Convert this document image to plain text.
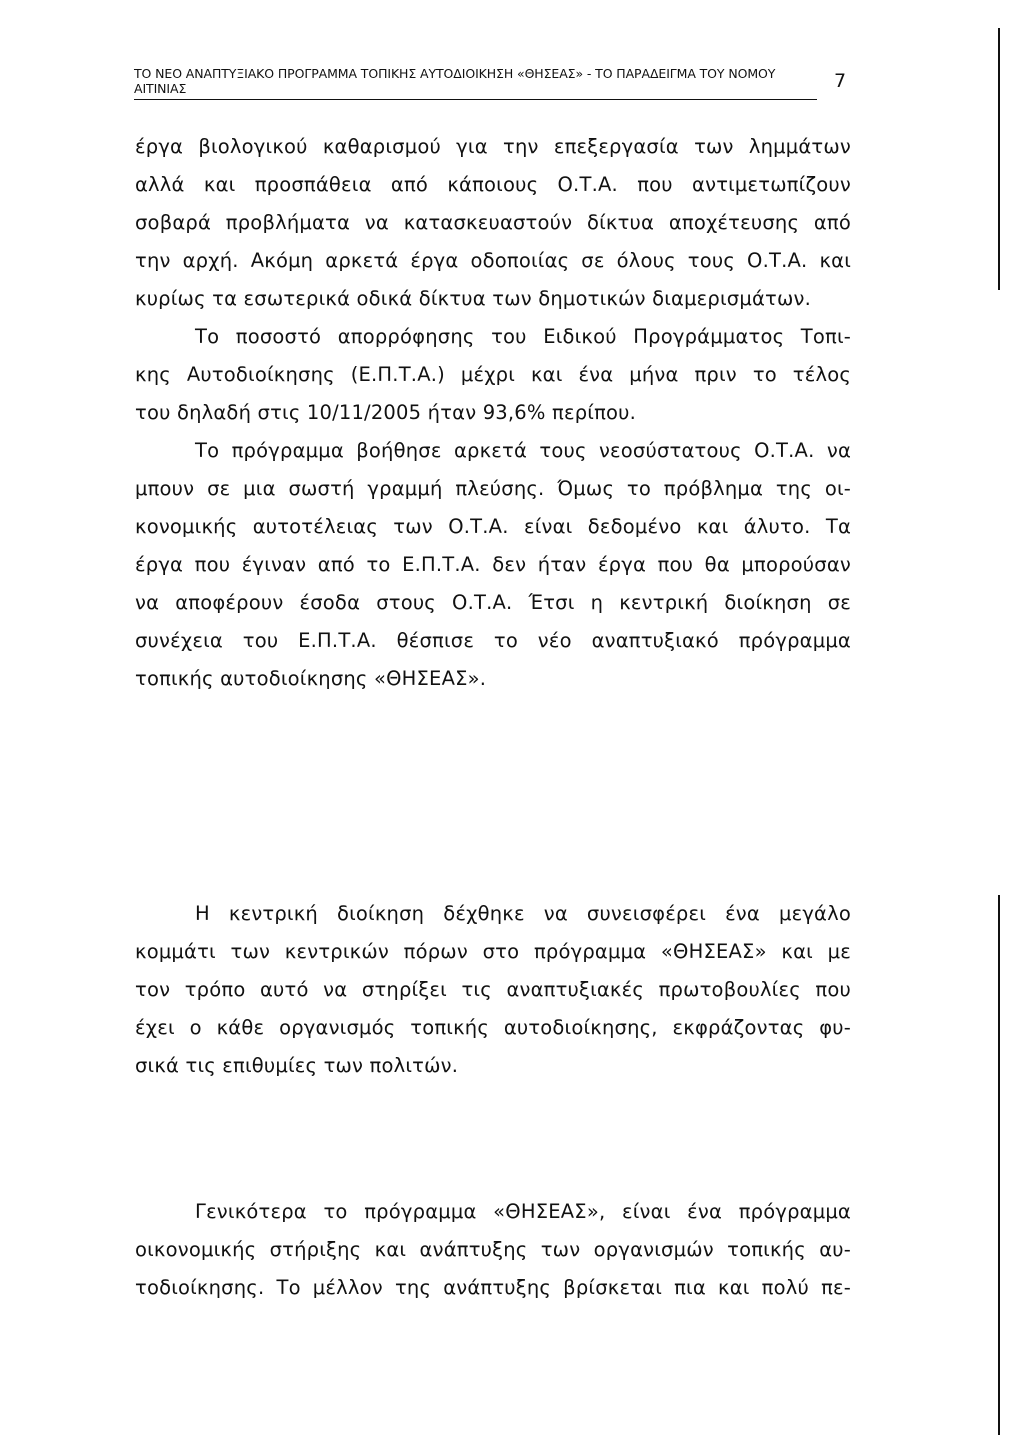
ΤΟ ΝΕΟ ΑΝΑΠΤΥΞΙΑΚΟ ΠΡΟΓΡΑΜΜΑ ΤΟΠΙΚΗΣ ΑΥΤΟΔΙΟΙΚΗΣΗ «ΘΗΣΕΑΣ» - ΤΟ ΠΑΡΑΔΕΙΓΜΑ ΤΟΥ ΝΟΜΟΥ
ΑΙΤΙΝΙΑΣ	7
έργα βιολογικού καθαρισμού για την επεξεργασία των λημμάτων
αλλά και προσπάθεια από κάποιους Ο.Τ.Α. που αντιμετωπίζουν
σοβαρά προβλήματα να κατασκευαστούν δίκτυα αποχέτευσης από
την αρχή. Ακόμη αρκετά έργα οδοποιίας σε όλους τους Ο.Τ.Α. και
κυρίως τα εσωτερικά οδικά δίκτυα των δημοτικών διαμερισμάτων.
Το ποσοστό απορρόφησης του Ειδικού Προγράμματος Τοπι-
κης Αυτοδιοίκησης (Ε.Π.Τ.Α.) μέχρι και ένα μήνα πριν το τέλος
του δηλαδή στις 10/11/2005 ήταν 93,6% περίπου.
Το πρόγραμμα βοήθησε αρκετά τους νεοσύστατους Ο.Τ.Α. να
μπουν σε μια σωστή γραμμή πλεύσης. Όμως το πρόβλημα της οι-
κονομικής αυτοτέλειας των Ο.Τ.Α. είναι δεδομένο και άλυτο. Τα
έργα που έγιναν από το Ε.Π.Τ.Α. δεν ήταν έργα που θα μπορούσαν
να αποφέρουν έσοδα στους Ο.Τ.Α. Έτσι η κεντρική διοίκηση σε
συνέχεια του Ε.Π.Τ.Α. θέσπισε το νέο αναπτυξιακό πρόγραμμα
τοπικής αυτοδιοίκησης «ΘΗΣΕΑΣ».
Η κεντρική διοίκηση δέχθηκε να συνεισφέρει ένα μεγάλο
κομμάτι των κεντρικών πόρων στο πρόγραμμα «ΘΗΣΕΑΣ» και με
τον τρόπο αυτό να στηρίξει τις αναπτυξιακές πρωτοβουλίες που
έχει ο κάθε οργανισμός τοπικής αυτοδιοίκησης, εκφράζοντας φυ-
σικά τις επιθυμίες των πολιτών.
Γενικότερα το πρόγραμμα «ΘΗΣΕΑΣ», είναι ένα πρόγραμμα
οικονομικής στήριξης και ανάπτυξης των οργανισμών τοπικής αυ-
τοδιοίκησης. Το μέλλον της ανάπτυξης βρίσκεται πια και πολύ πε-
